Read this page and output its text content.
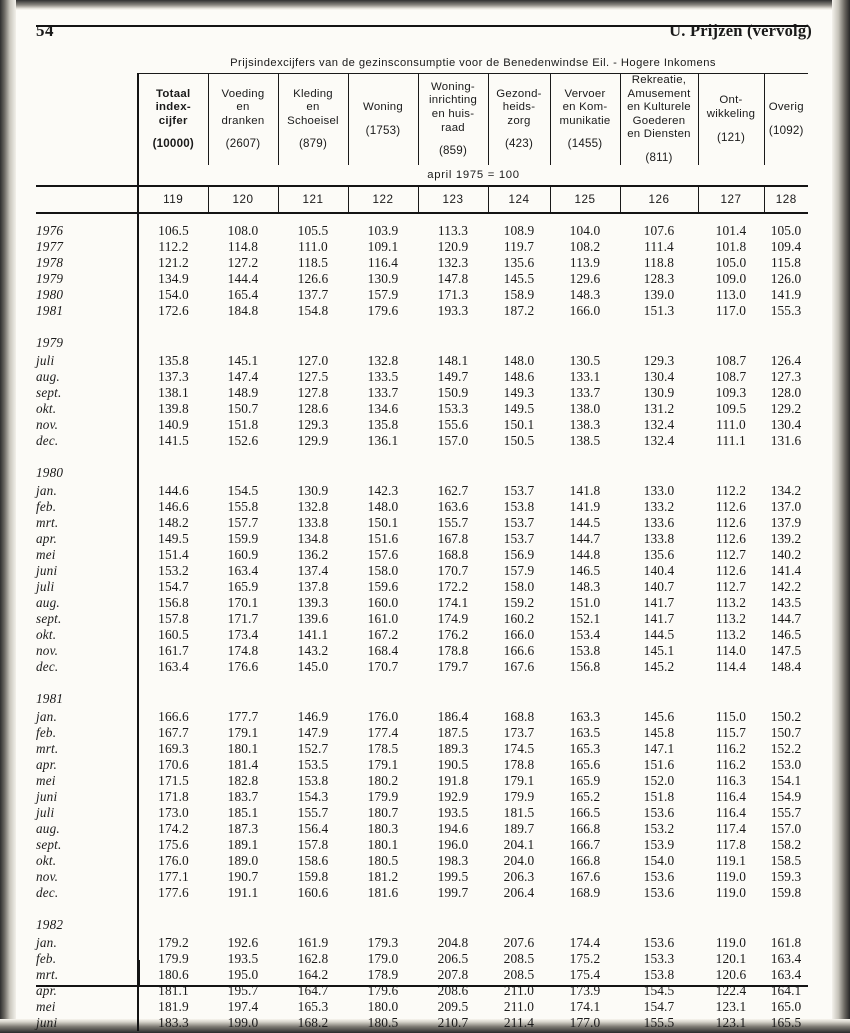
54	U. Prijzen (vervolg)
	Prijsindexcijfers van de gezinsconsumptie voor de Benedenwindse Eil. - Hogere Inkomens									

Totaal
index-
cijfer
(10000)

Voeding
en
dranken
(2607)

Kleding
en
Schoeisel
(879)

Woning
(1753)

Woning-
inrichting
en huis-
raad
(859)

Gezond-
heids-
zorg
(423)

Vervoer
en Kom-
munikatie
(1455)

Rekreatie,
Amusement
en Kulturele
Goederen
en Diensten
(811)

Ont-
wikkeling
(121)

Overig
(1092)

	april 1975 = 100									
	119	120	121	122	123	124	125	126	127	128

1976	106.5	108.0	105.5	103.9	113.3	108.9	104.0	107.6	101.4	105.0
1977	112.2	114.8	111.0	109.1	120.9	119.7	108.2	111.4	101.8	109.4
1978	121.2	127.2	118.5	116.4	132.3	135.6	113.9	118.8	105.0	115.8
1979	134.9	144.4	126.6	130.9	147.8	145.5	129.6	128.3	109.0	126.0
1980	154.0	165.4	137.7	157.9	171.3	158.9	148.3	139.0	113.0	141.9
1981	172.6	184.8	154.8	179.6	193.3	187.2	166.0	151.3	117.0	155.3

1979										
juli	135.8	145.1	127.0	132.8	148.1	148.0	130.5	129.3	108.7	126.4
aug.	137.3	147.4	127.5	133.5	149.7	148.6	133.1	130.4	108.7	127.3
sept.	138.1	148.9	127.8	133.7	150.9	149.3	133.7	130.9	109.3	128.0
okt.	139.8	150.7	128.6	134.6	153.3	149.5	138.0	131.2	109.5	129.2
nov.	140.9	151.8	129.3	135.8	155.6	150.1	138.3	132.4	111.0	130.4
dec.	141.5	152.6	129.9	136.1	157.0	150.5	138.5	132.4	111.1	131.6

1980										
jan.	144.6	154.5	130.9	142.3	162.7	153.7	141.8	133.0	112.2	134.2
feb.	146.6	155.8	132.8	148.0	163.6	153.8	141.9	133.2	112.6	137.0
mrt.	148.2	157.7	133.8	150.1	155.7	153.7	144.5	133.6	112.6	137.9
apr.	149.5	159.9	134.8	151.6	167.8	153.7	144.7	133.8	112.6	139.2
mei	151.4	160.9	136.2	157.6	168.8	156.9	144.8	135.6	112.7	140.2
juni	153.2	163.4	137.4	158.0	170.7	157.9	146.5	140.4	112.6	141.4
juli	154.7	165.9	137.8	159.6	172.2	158.0	148.3	140.7	112.7	142.2
aug.	156.8	170.1	139.3	160.0	174.1	159.2	151.0	141.7	113.2	143.5
sept.	157.8	171.7	139.6	161.0	174.9	160.2	152.1	141.7	113.2	144.7
okt.	160.5	173.4	141.1	167.2	176.2	166.0	153.4	144.5	113.2	146.5
nov.	161.7	174.8	143.2	168.4	178.8	166.6	153.8	145.1	114.0	147.5
dec.	163.4	176.6	145.0	170.7	179.7	167.6	156.8	145.2	114.4	148.4

1981										
jan.	166.6	177.7	146.9	176.0	186.4	168.8	163.3	145.6	115.0	150.2
feb.	167.7	179.1	147.9	177.4	187.5	173.7	163.5	145.8	115.7	150.7
mrt.	169.3	180.1	152.7	178.5	189.3	174.5	165.3	147.1	116.2	152.2
apr.	170.6	181.4	153.5	179.1	190.5	178.8	165.6	151.6	116.2	153.0
mei	171.5	182.8	153.8	180.2	191.8	179.1	165.9	152.0	116.3	154.1
juni	171.8	183.7	154.3	179.9	192.9	179.9	165.2	151.8	116.4	154.9
juli	173.0	185.1	155.7	180.7	193.5	181.5	166.5	153.6	116.4	155.7
aug.	174.2	187.3	156.4	180.3	194.6	189.7	166.8	153.2	117.4	157.0
sept.	175.6	189.1	157.8	180.1	196.0	204.1	166.7	153.9	117.8	158.2
okt.	176.0	189.0	158.6	180.5	198.3	204.0	166.8	154.0	119.1	158.5
nov.	177.1	190.7	159.8	181.2	199.5	206.3	167.6	153.6	119.0	159.3
dec.	177.6	191.1	160.6	181.6	199.7	206.4	168.9	153.6	119.0	159.8

1982										
jan.	179.2	192.6	161.9	179.3	204.8	207.6	174.4	153.6	119.0	161.8
feb.	179.9	193.5	162.8	179.0	206.5	208.5	175.2	153.3	120.1	163.4
mrt.	180.6	195.0	164.2	178.9	207.8	208.5	175.4	153.8	120.6	163.4
apr.	181.1	195.7	164.7	179.6	208.6	211.0	173.9	154.5	122.4	164.1
mei	181.9	197.4	165.3	180.0	209.5	211.0	174.1	154.7	123.1	165.0
juni	183.3	199.0	168.2	180.5	210.7	211.4	177.0	155.5	123.1	165.5
